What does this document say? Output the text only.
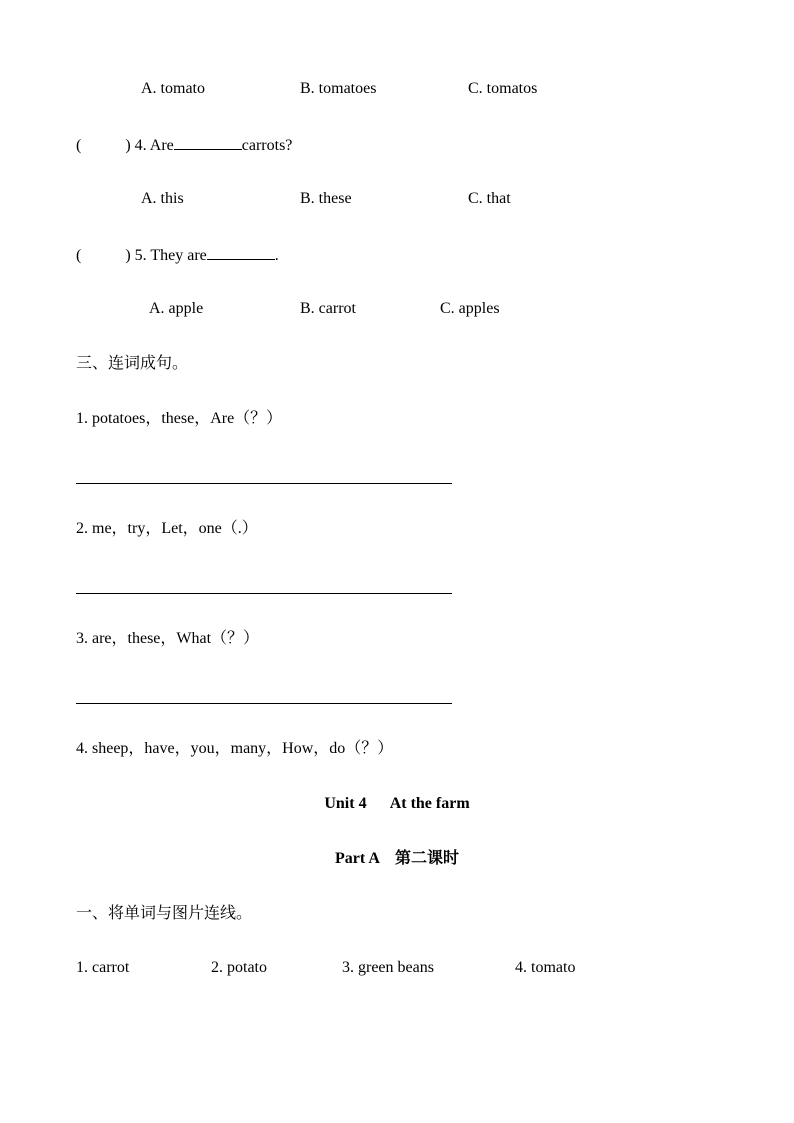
A. tomato	B. tomatoes	C. tomatos
(	) 4. Are	carrots?
A. this	B. these	C. that
(	) 5. They are	.
A. apple	B. carrot	C. apples
三、连词成句。
1. potatoes，these，Are（？）
2. me，try，Let，one（.）
3. are，these，What（？）
4. sheep，have，you，many，How，do（？）
Unit 4      At the farm
Part A    第二课时
一、将单词与图片连线。
1. carrot	2. potato	3. green beans	4. tomato
